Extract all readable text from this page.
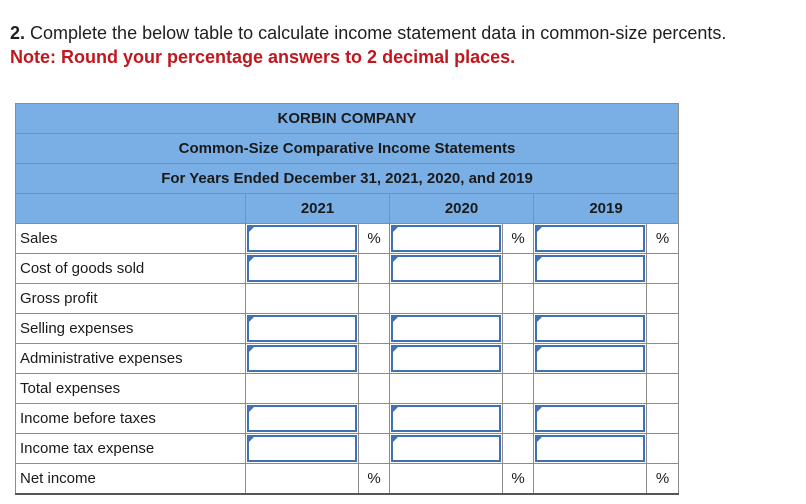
2. Complete the below table to calculate income statement data in common-size percents.
Note: Round your percentage answers to 2 decimal places.
KORBIN COMPANY						
Common-Size Comparative Income Statements						
For Years Ended December 31, 2021, 2020, and 2019						
	2021		2020		2019	
Sales		%		%		%
Cost of goods sold	

Gross profit						
Selling expenses	

Administrative expenses	

Total expenses						
Income before taxes	

Income tax expense	

Net income		%		%		%
